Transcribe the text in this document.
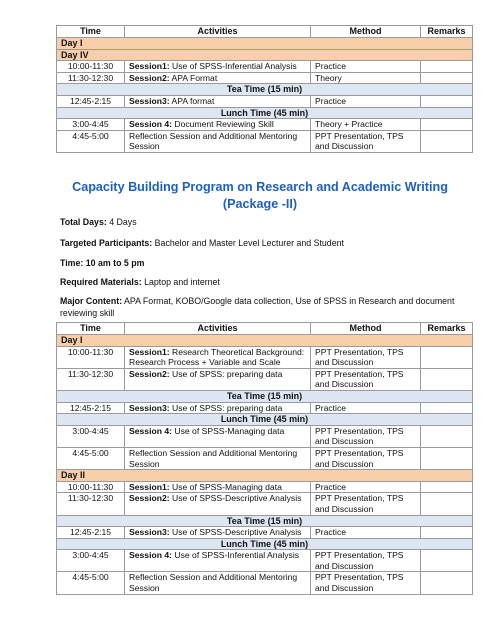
Time	Activities	Method	Remarks
Day I			
Day IV			
10:00-11:30	Session1: Use of SPSS-Inferential Analysis	Practice	
11:30-12:30	Session2: APA Format	Theory	
Tea Time (15 min)			
12:45-2:15	Session3: APA format	Practice	
Lunch Time (45 min)			
3:00-4:45	Session 4: Document Reviewing Skill	Theory + Practice	
4:45-5:00	Reflection Session and Additional Mentoring Session	PPT Presentation, TPS and Discussion	
Capacity Building Program on Research and Academic Writing
(Package -II)
Total Days: 4 Days
Targeted Participants: Bachelor and Master Level Lecturer and Student
Time: 10 am to 5 pm
Required Materials: Laptop and internet
Major Content: APA Format, KOBO/Google data collection, Use of SPSS in Research and document reviewing skill
Time	Activities	Method	Remarks
Day I			
10:00-11:30	Session1: Research Theoretical Background: Research Process + Variable and Scale	PPT Presentation, TPS and Discussion	
11:30-12:30	Session2: Use of SPSS: preparing data	PPT Presentation, TPS and Discussion	
Tea Time (15 min)			
12:45-2:15	Session3: Use of SPSS: preparing data	Practice	
Lunch Time (45 min)			
3:00-4:45	Session 4: Use of SPSS-Managing data	PPT Presentation, TPS and Discussion	
4:45-5:00	Reflection Session and Additional Mentoring Session	PPT Presentation, TPS and Discussion	
Day II			
10:00-11:30	Session1: Use of SPSS-Managing data	Practice	
11:30-12:30	Session2: Use of SPSS-Descriptive Analysis	PPT Presentation, TPS and Discussion	
Tea Time (15 min)			
12:45-2:15	Session3: Use of SPSS-Descriptive Analysis	Practice	
Lunch Time (45 min)			
3:00-4:45	Session 4: Use of SPSS-Inferential Analysis	PPT Presentation, TPS and Discussion	
4:45-5:00	Reflection Session and Additional Mentoring Session	PPT Presentation, TPS and Discussion	
